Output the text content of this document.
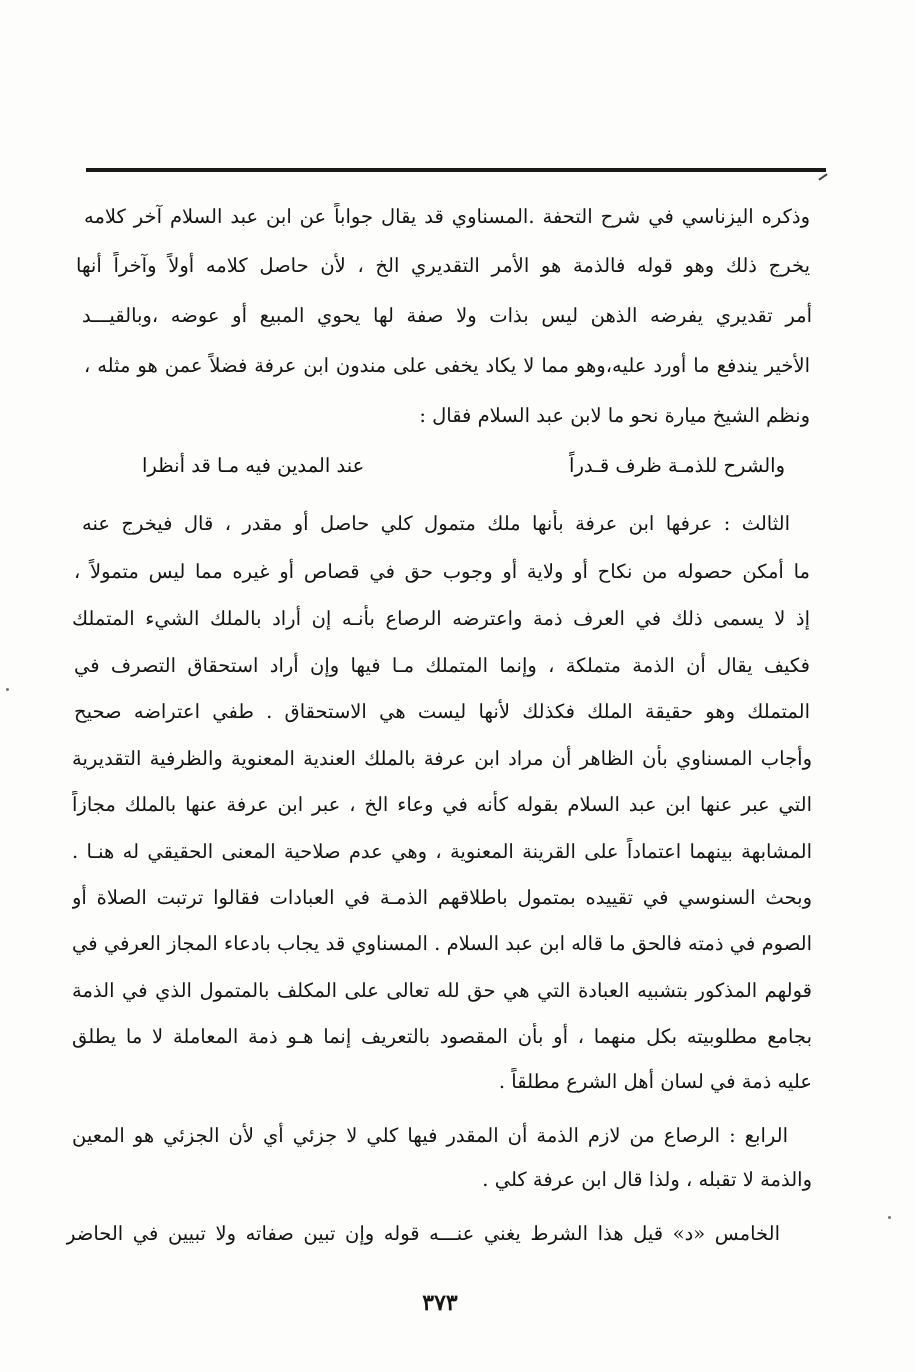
وذكره اليزناسي في شرح التحفة .المسناوي قد يقال جواباً عن ابن عبد السلام آخر كلامه
يخرج ذلك وهو قوله فالذمة هو الأمر التقديري الخ ، لأن حاصل كلامه أولاً وآخراً أنها
أمر تقديري يفرضه الذهن ليس بذات ولا صفة لها يحوي المبيع أو عوضه ،وبالقيـــد
الأخير يندفع ما أورد عليه،وهو مما لا يكاد يخفى على مندون ابن عرفة فضلاً عمن هو مثله ،
ونظم الشيخ ميارة نحو ما لابن عبد السلام فقال :
والشرح للذمـة ظرف قـدراً
عند المدين فيه مـا قد أنظرا
الثالث : عرفها ابن عرفة بأنها ملك متمول كلي حاصل أو مقدر ، قال فيخرج عنه
ما أمكن حصوله من نكاح أو ولاية أو وجوب حق في قصاص أو غيره مما ليس متمولاً ،
إذ لا يسمى ذلك في العرف ذمة واعترضه الرصاع بأنـه إن أراد بالملك الشيء المتملك
فكيف يقال أن الذمة متملكة ، وإنما المتملك مـا فيها وإن أراد استحقاق التصرف في
المتملك وهو حقيقة الملك فكذلك لأنها ليست هي الاستحقاق . طفي اعتراضه صحيح
وأجاب المسناوي بأن الظاهر أن مراد ابن عرفة بالملك العندية المعنوية والظرفية التقديرية
التي عبر عنها ابن عبد السلام بقوله كأنه في وعاء الخ ، عبر ابن عرفة عنها بالملك مجازاً
المشابهة بينهما اعتماداً على القرينة المعنوية ، وهي عدم صلاحية المعنى الحقيقي له هنـا .
وبحث السنوسي في تقييده بمتمول باطلاقهم الذمـة في العبادات فقالوا ترتبت الصلاة أو
الصوم في ذمته فالحق ما قاله ابن عبد السلام . المسناوي قد يجاب بادعاء المجاز العرفي في
قولهم المذكور بتشبيه العبادة التي هي حق لله تعالى على المكلف بالمتمول الذي في الذمة
بجامع مطلوبيته بكل منهما ، أو بأن المقصود بالتعريف إنما هـو ذمة المعاملة لا ما يطلق
عليه ذمة في لسان أهل الشرع مطلقاً .
الرابع : الرصاع من لازم الذمة أن المقدر فيها كلي لا جزئي أي لأن الجزئي هو المعين
والذمة لا تقبله ، ولذا قال ابن عرفة كلي .
الخامس «د» قيل هذا الشرط يغني عنـــه قوله وإن تبين صفاته ولا تبيين في الحاضر
٣٧٣
